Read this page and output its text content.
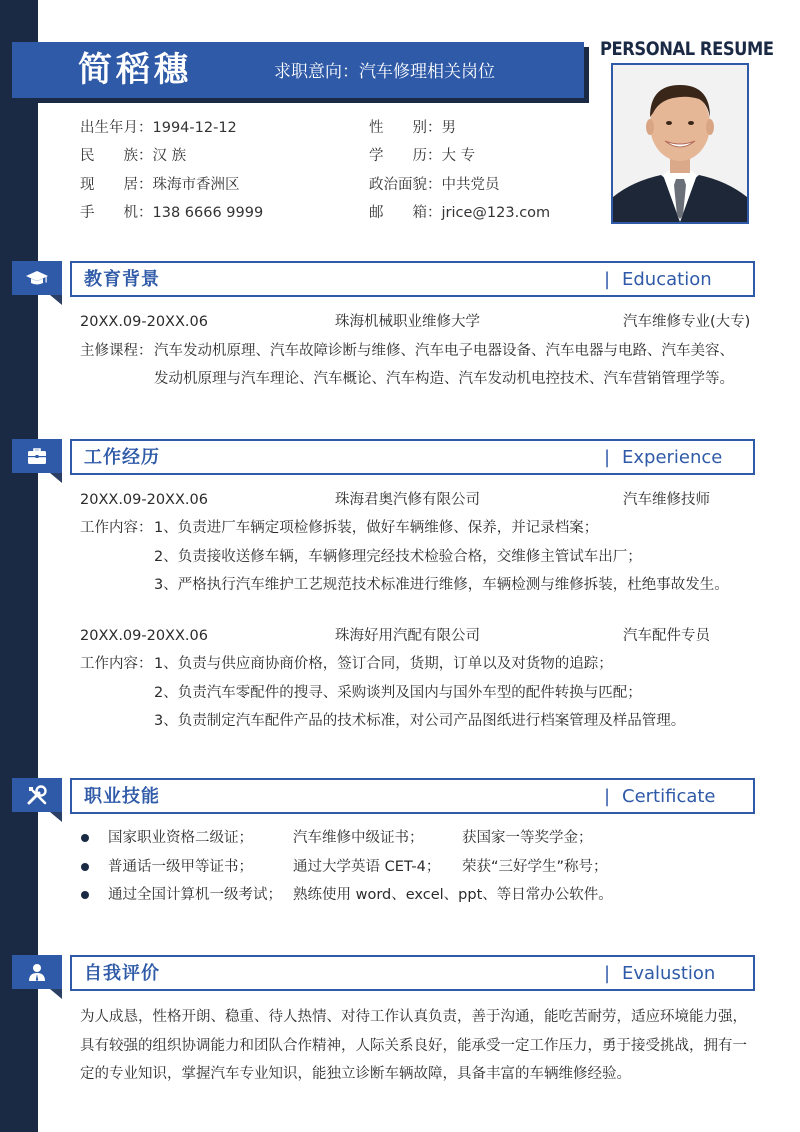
简稻穗	求职意向：汽车修理相关岗位
PERSONAL RESUME
出生年月：1994-12-12	性　　别：男
民　　族：汉 族	学　　历：大 专
现　　居：珠海市香洲区	政治面貌：中共党员
手　　机：138 6666 9999	邮　　箱：jrice@123.com
教育背景	| Education
20XX.09-20XX.06	珠海机械职业维修大学	汽车维修专业(大专)
主修课程： 汽车发动机原理、汽车故障诊断与维修、汽车电子电器设备、汽车电器与电路、汽车美容、
发动机原理与汽车理论、汽车概论、汽车构造、汽车发动机电控技术、汽车营销管理学等。
工作经历	| Experience
20XX.09-20XX.06	珠海君奥汽修有限公司	汽车维修技师
工作内容： 1、负责进厂车辆定项检修拆装，做好车辆维修、保养，并记录档案；
2、负责接收送修车辆，车辆修理完经技术检验合格，交维修主管试车出厂；
3、严格执行汽车维护工艺规范技术标准进行维修，车辆检测与维修拆装，杜绝事故发生。
20XX.09-20XX.06	珠海好用汽配有限公司	汽车配件专员
工作内容： 1、负责与供应商协商价格，签订合同，货期，订单以及对货物的追踪；
2、负责汽车零配件的搜寻、采购谈判及国内与国外车型的配件转换与匹配；
3、负责制定汽车配件产品的技术标准，对公司产品图纸进行档案管理及样品管理。
职业技能	| Certificate
国家职业资格二级证；	汽车维修中级证书；	获国家一等奖学金；
普通话一级甲等证书；	通过大学英语 CET-4； 荣获“三好学生”称号；
通过全国计算机一级考试； 熟练使用 word、excel、ppt、等日常办公软件。
自我评价	| Evalustion
为人成恳，性格开朗、稳重、待人热情、对待工作认真负责，善于沟通，能吃苦耐劳，适应环境能力强，
具有较强的组织协调能力和团队合作精神，人际关系良好，能承受一定工作压力，勇于接受挑战，拥有一
定的专业知识，掌握汽车专业知识，能独立诊断车辆故障，具备丰富的车辆维修经验。
